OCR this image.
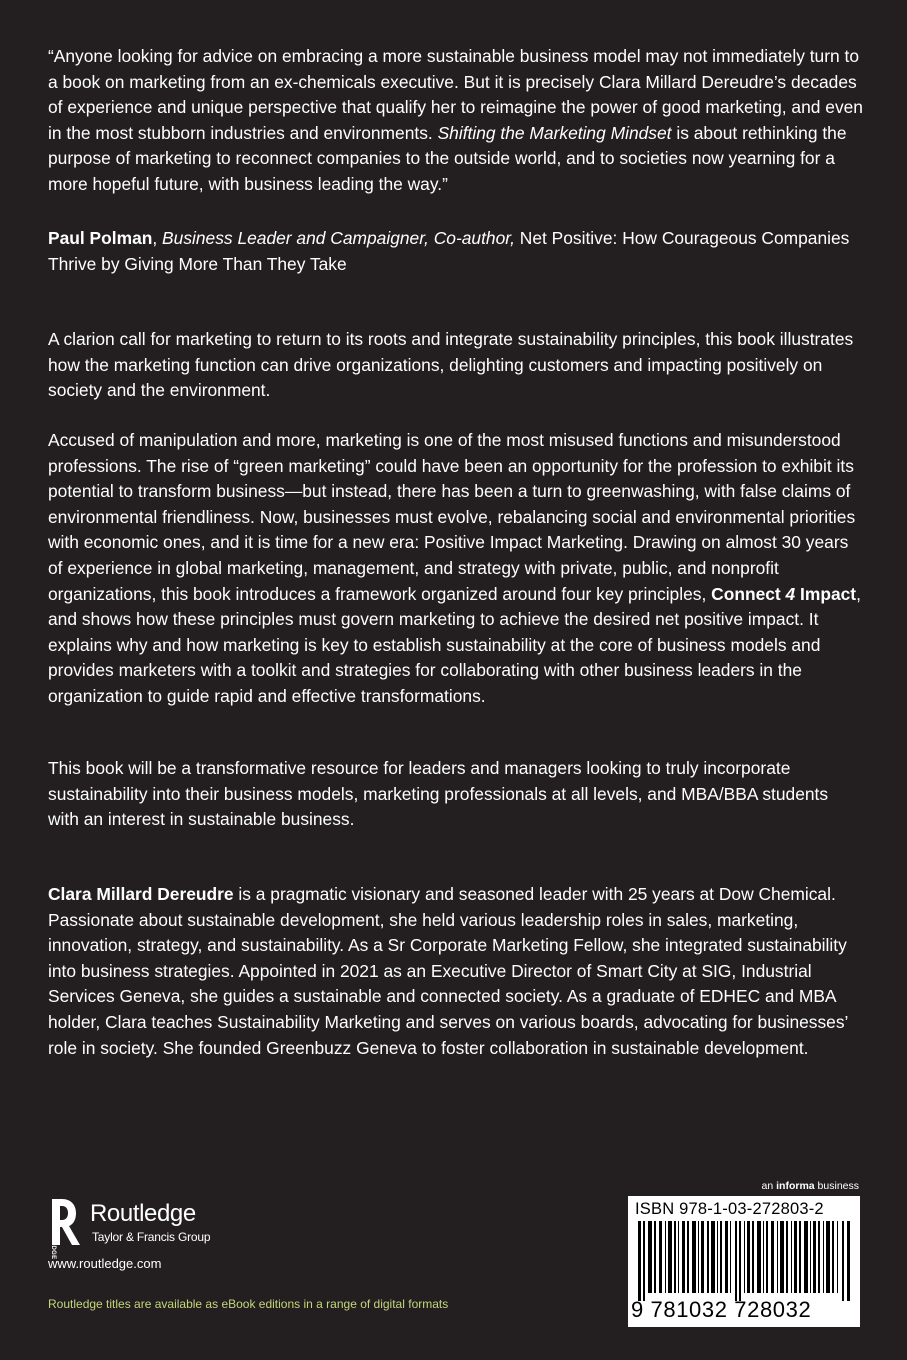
“Anyone looking for advice on embracing a more sustainable business model may not immediately turn to a book on marketing from an ex-chemicals executive. But it is precisely Clara Millard Dereudre’s decades of experience and unique perspective that qualify her to reimagine the power of good marketing, and even in the most stubborn industries and environments. Shifting the Marketing Mindset is about rethinking the purpose of marketing to reconnect companies to the outside world, and to societies now yearning for a more hopeful future, with business leading the way.”

Paul Polman, Business Leader and Campaigner, Co-author, Net Positive: How Courageous Companies Thrive by Giving More Than They Take

A clarion call for marketing to return to its roots and integrate sustainability principles, this book illustrates how the marketing function can drive organizations, delighting customers and impacting positively on society and the environment.

Accused of manipulation and more, marketing is one of the most misused functions and misunderstood professions. The rise of “green marketing” could have been an opportunity for the profession to exhibit its potential to transform business—but instead, there has been a turn to greenwashing, with false claims of environmental friendliness. Now, businesses must evolve, rebalancing social and environmental priorities with economic ones, and it is time for a new era: Positive Impact Marketing. Drawing on almost 30 years of experience in global marketing, management, and strategy with private, public, and nonprofit organizations, this book introduces a framework organized around four key principles, Connect 4 Impact, and shows how these principles must govern marketing to achieve the desired net positive impact. It explains why and how marketing is key to establish sustainability at the core of business models and provides marketers with a toolkit and strategies for collaborating with other business leaders in the organization to guide rapid and effective transformations.

This book will be a transformative resource for leaders and managers looking to truly incorporate sustainability into their business models, marketing professionals at all levels, and MBA/BBA students with an interest in sustainable business.

Clara Millard Dereudre is a pragmatic visionary and seasoned leader with 25 years at Dow Chemical. Passionate about sustainable development, she held various leadership roles in sales, marketing, innovation, strategy, and sustainability. As a Sr Corporate Marketing Fellow, she integrated sustainability into business strategies. Appointed in 2021 as an Executive Director of Smart City at SIG, Industrial Services Geneva, she guides a sustainable and connected society. As a graduate of EDHEC and MBA holder, Clara teaches Sustainability Marketing and serves on various boards, advocating for businesses’ role in society. She founded Greenbuzz Geneva to foster collaboration in sustainable development.

ROUTLEDGE
Routledge
Taylor & Francis Group
www.routledge.com
Routledge titles are available as eBook editions in a range of digital formats
an informa business
ISBN 978-1-03-272803-2
9 781032 728032
